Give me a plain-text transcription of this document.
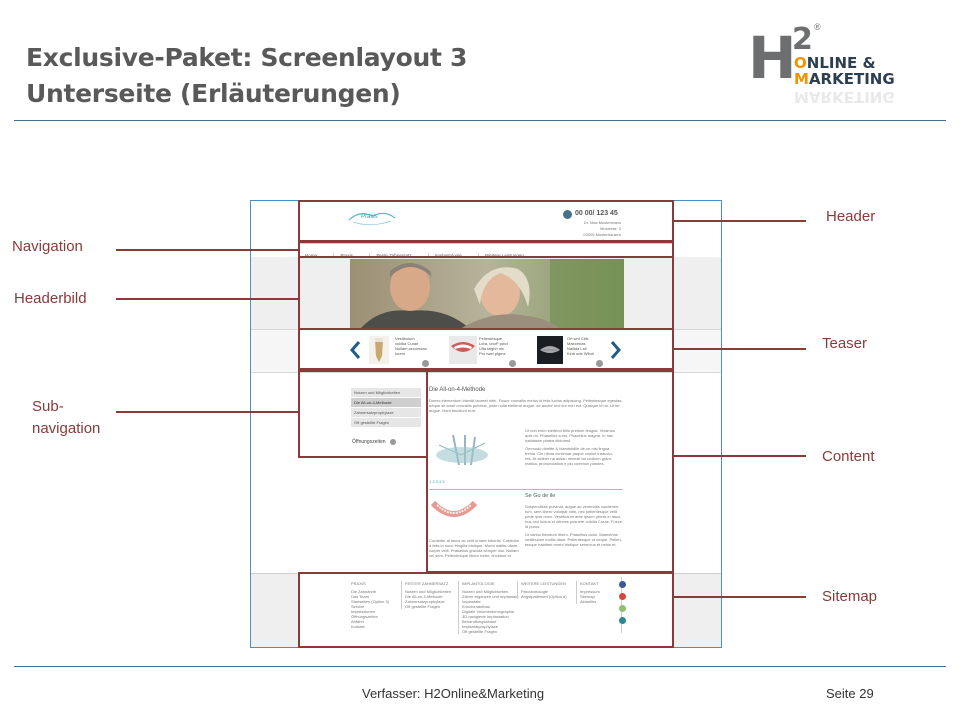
Exclusive-Paket: Screenlayout 3
Unterseite (Erläuterungen)
H
2 ®
ONLINE &
MARKETING
MARKETING
Praxis	00 00/ 123 45
Dr. Max Mustermann
Musterstr. 3
00000 Musterhausen
info@praxis.de
Home	Praxis	Feste Zahnersatz	Implantologie	Weitere Leistungen
Vestibulum
cubilia Curae
Nullam accumsan
lorem
Pellentesque
Lora, unoP pwcl
Ulla ktighh nlc
Pro twet plgms
Ort wnl Clifs
Maecenas
Nallida Lsti
Klnti urte Wlloti
Nutzen und Möglichkeiten
Die All-on-4-Methode
Zahnersatzprophylaxe
Oft gestellte Fragen
Öffnungszeiten
Die All-on-4-Methode
Donec elementum blandit laoreet nibh. Fusce convallis metus id felis luctus adipiscing. Pellentesque egestas,
neque sit amet convallis pulvinar, justo nulla eleifend augue, ac auctor orci leo non est. Quisque id mi. Ut ter
augue. Nam tincidunt erat.
Ut non enim eleifend felis pretium feugiat. Vivamus
quis mi. Phasellus a est. Phasellus magna. In hac
habitasse platea dictumst.
Ommodo dimitte & blandstidlle de un nisi lingua
frenia. Cin nfinia continuar paque cunlict traducto-
res. At sidiner na assan necesit tor uniform gram-
matica, pronunciation e plu commun paroles.
1 2 3 4 5
Se Gu de ile
Suspendisse pulvinar, augue ac venenatis condimen-
tum, sem libero volutpat nibh, nec pellentesque velit
pede quis nunc. Vestibulum ante ipsum primis in fauci-
bus orci luctus et ultrices posuere cubilia Curae. Fusce
id purus.
Ut varius tincidunt libero. Phasellus dolor. Maecenas
vestibulum mollis diam. Pellentesque ut neque. Pellen-
tesque habitant morbi tristique senectus et netus et.
Curabitur at lacus ac velit ornare lobortis. Curabitur
a felis in nunc fringilla tristique. Morbi mattis ullam-
corper velit. Phasellus gravida semper nisi. Nullam
vel sem. Pellentesque libero tortor, tincidunt et
PRAXIS
Die Zahnärzte
Das Team
Startseiten (Option 3)
Service
Impressionen
Öffnungszeiten
Anfahrt
Kontakt
FESTER ZAHNERSATZ
Nutzen und Möglichkeiten
Die All-on-4-Methode
Zahnersatzprophylaxe
Oft gestellte Fragen
IMPLANTOLOGIE
Nutzen und Möglichkeiten
Zähne ergänzen und Implantate
Implantate
Knochenaufbau
Digitale Volumentomographie
3D-navigierte Implantation
Behandlungsablauf
Implantatprophylaxe
Oft gestellte Fragen
WEITERE LEISTUNGEN
Parodontologie
Angstpatienten (Option 8)
KONTAKT
Impressum
Sitemap
Aktuelles
Header
Navigation
Headerbild
Teaser
Sub-
navigation
Content
Sitemap
Verfasser: H2Online&Marketing	Seite 29
